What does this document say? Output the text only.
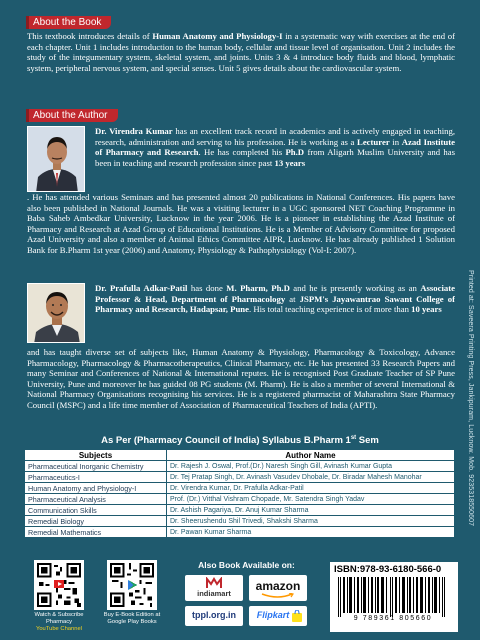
About the Book
This textbook introduces details of Human Anatomy and Physiology-I in a systematic way with exercises at the end of each chapter. Unit 1 includes introduction to the human body, cellular and tissue level of organisation. Unit 2 includes the study of the integumentary system, skeletal system, and joints. Units 3 & 4 introduce body fluids and blood, lymphatic system, peripheral nervous system, and special senses. Unit 5 gives details about the cardiovascular system.
About the Author
Dr. Virendra Kumar has an excellent track record in academics and is actively engaged in teaching, research, administration and serving to his profession. He is working as a Lecturer in Azad Institute of Pharmacy and Research. He has completed his Ph.D from Aligarh Muslim University and has been in teaching and research profession since past 13 years
. He has attended various Seminars and has presented almost 20 publications in National Conferences. His papers have also been published in National Journals. He was a visiting lecturer in a UGC sponsored NET Coaching Programme in Baba Saheb Ambedkar University, Lucknow in the year 2006. He is a pioneer in establishing the Azad Institute of Pharmacy and Research at Azad Group of Educational Institutions. He is a Member of Advisory Committee for proposed Azad University and also a member of Animal Ethics Committee AIPR, Lucknow. He has already published 1 Solution Bank for B.Pharm 1st year (2006) and Anatomy, Physiology & Pathophysiology (Vol-I: 2007).
Dr. Prafulla Adkar-Patil has done M. Pharm, Ph.D and he is presently working as an Associate Professor & Head, Department of Pharmacology at JSPM's Jayawantrao Sawant College of Pharmacy and Research, Hadapsar, Pune. His total teaching experience is of more than 10 years
and has taught diverse set of subjects like, Human Anatomy & Physiology, Pharmacology & Toxicology, Advance Pharmacology, Pharmacology & Pharmacotherapeutics, Clinical Pharmacy, etc. He has presented 33 Research Papers and many Seminar and Conferences of National & International reputes. He is recognised Post Graduate Teacher of SP Pune University, Pune and moreover he has guided 08 PG students (M. Pharm). He is also a member of several International & National Pharmacy Organisations recognising his services. He is a registered pharmacist of Maharashtra State Pharmacy Council (MSPC) and a life time member of Association of Pharmaceutical Teachers of India (APTI).	Printed at: Saveera Printing Press, Jankipuram, Lucknow. Mob. 9235318550607
As Per (Pharmacy Council of India) Syllabus B.Pharm 1st Sem
Subjects	Author Name
Pharmaceutical Inorganic Chemistry	Dr. Rajesh J. Oswal, Prof.(Dr.) Naresh Singh Gill, Avinash Kumar Gupta
Pharmaceutics-I	Dr. Tej Pratap Singh, Dr. Avinash Vasudev Dhobale, Dr. Biradar Mahesh Manohar
Human Anatomy and Physiology-I	Dr. Virendra Kumar, Dr. Prafulla Adkar-Patil
Pharmaceutical Analysis	Prof. (Dr.) Vitthal Vishram Chopade, Mr. Satendra Singh Yadav
Communication Skills	Dr. Ashish Pagariya, Dr. Anuj Kumar Sharma
Remedial Biology	Dr. Sheerushendu Shil Trivedi, Shakshi Sharma
Remedial Mathematics	Dr. Pawan Kumar Sharma
Watch & Subscribe
Pharmacy
YouTube Channel
Buy E-Book Edition at
Google Play Books
Also Book Available on:
indiamart
amazon
tppl.org.in	Flipkart
ISBN:978-93-6180-566-0
9 789361 805660
